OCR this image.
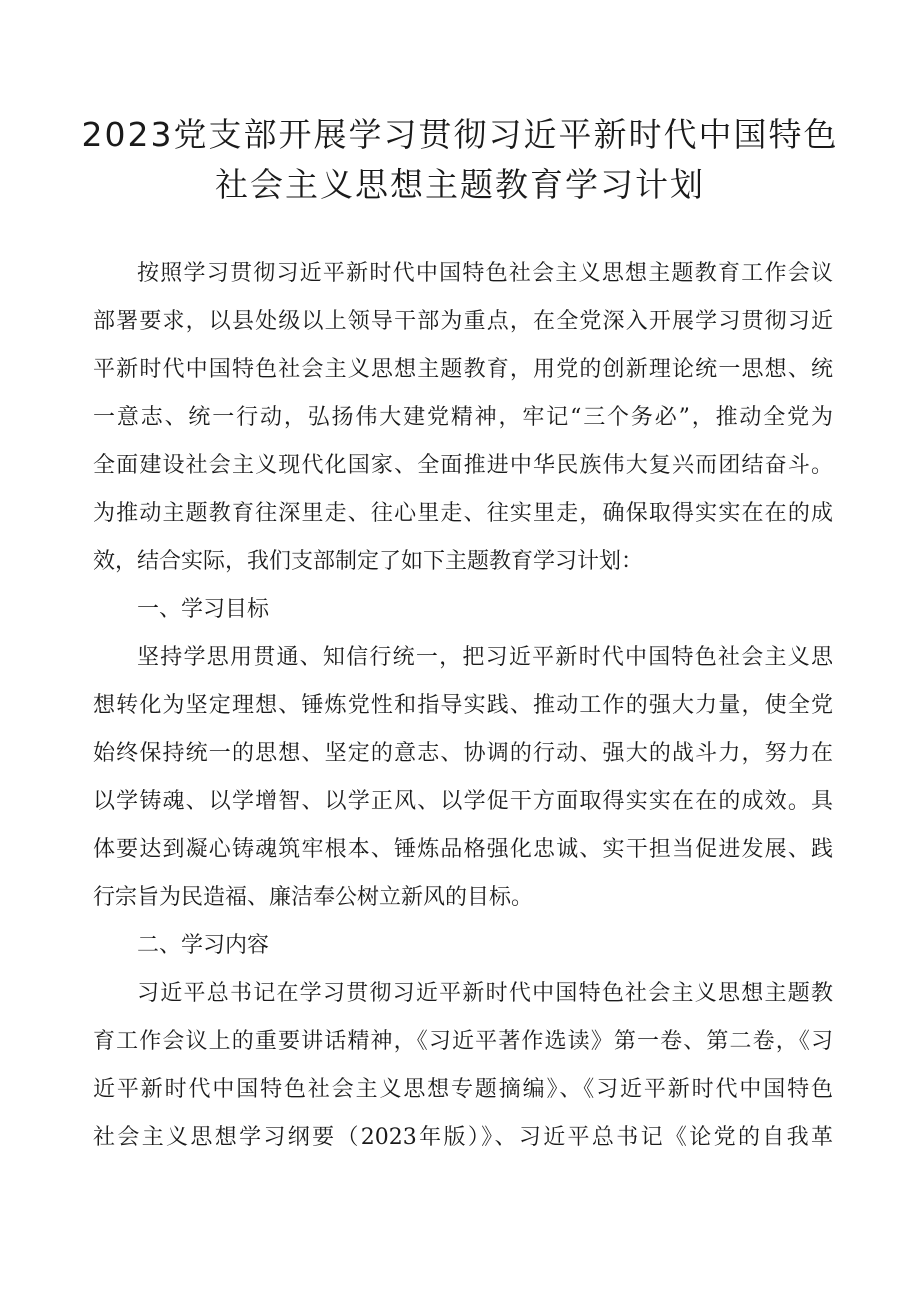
2023党支部开展学习贯彻习近平新时代中国特色
社会主义思想主题教育学习计划
按照学习贯彻习近平新时代中国特色社会主义思想主题教育工作会议
部署要求，以县处级以上领导干部为重点，在全党深入开展学习贯彻习近
平新时代中国特色社会主义思想主题教育，用党的创新理论统一思想、统
一意志、统一行动，弘扬伟大建党精神，牢记“三个务必”，推动全党为
全面建设社会主义现代化国家、全面推进中华民族伟大复兴而团结奋斗。
为推动主题教育往深里走、往心里走、往实里走，确保取得实实在在的成
效，结合实际，我们支部制定了如下主题教育学习计划：
一、学习目标
坚持学思用贯通、知信行统一，把习近平新时代中国特色社会主义思
想转化为坚定理想、锤炼党性和指导实践、推动工作的强大力量，使全党
始终保持统一的思想、坚定的意志、协调的行动、强大的战斗力，努力在
以学铸魂、以学增智、以学正风、以学促干方面取得实实在在的成效。具
体要达到凝心铸魂筑牢根本、锤炼品格强化忠诚、实干担当促进发展、践
行宗旨为民造福、廉洁奉公树立新风的目标。
二、学习内容
习近平总书记在学习贯彻习近平新时代中国特色社会主义思想主题教
育工作会议上的重要讲话精神，《习近平著作选读》第一卷、第二卷，《习
近平新时代中国特色社会主义思想专题摘编》、《习近平新时代中国特色
社会主义思想学习纲要（2023年版）》、习近平总书记《论党的自我革
